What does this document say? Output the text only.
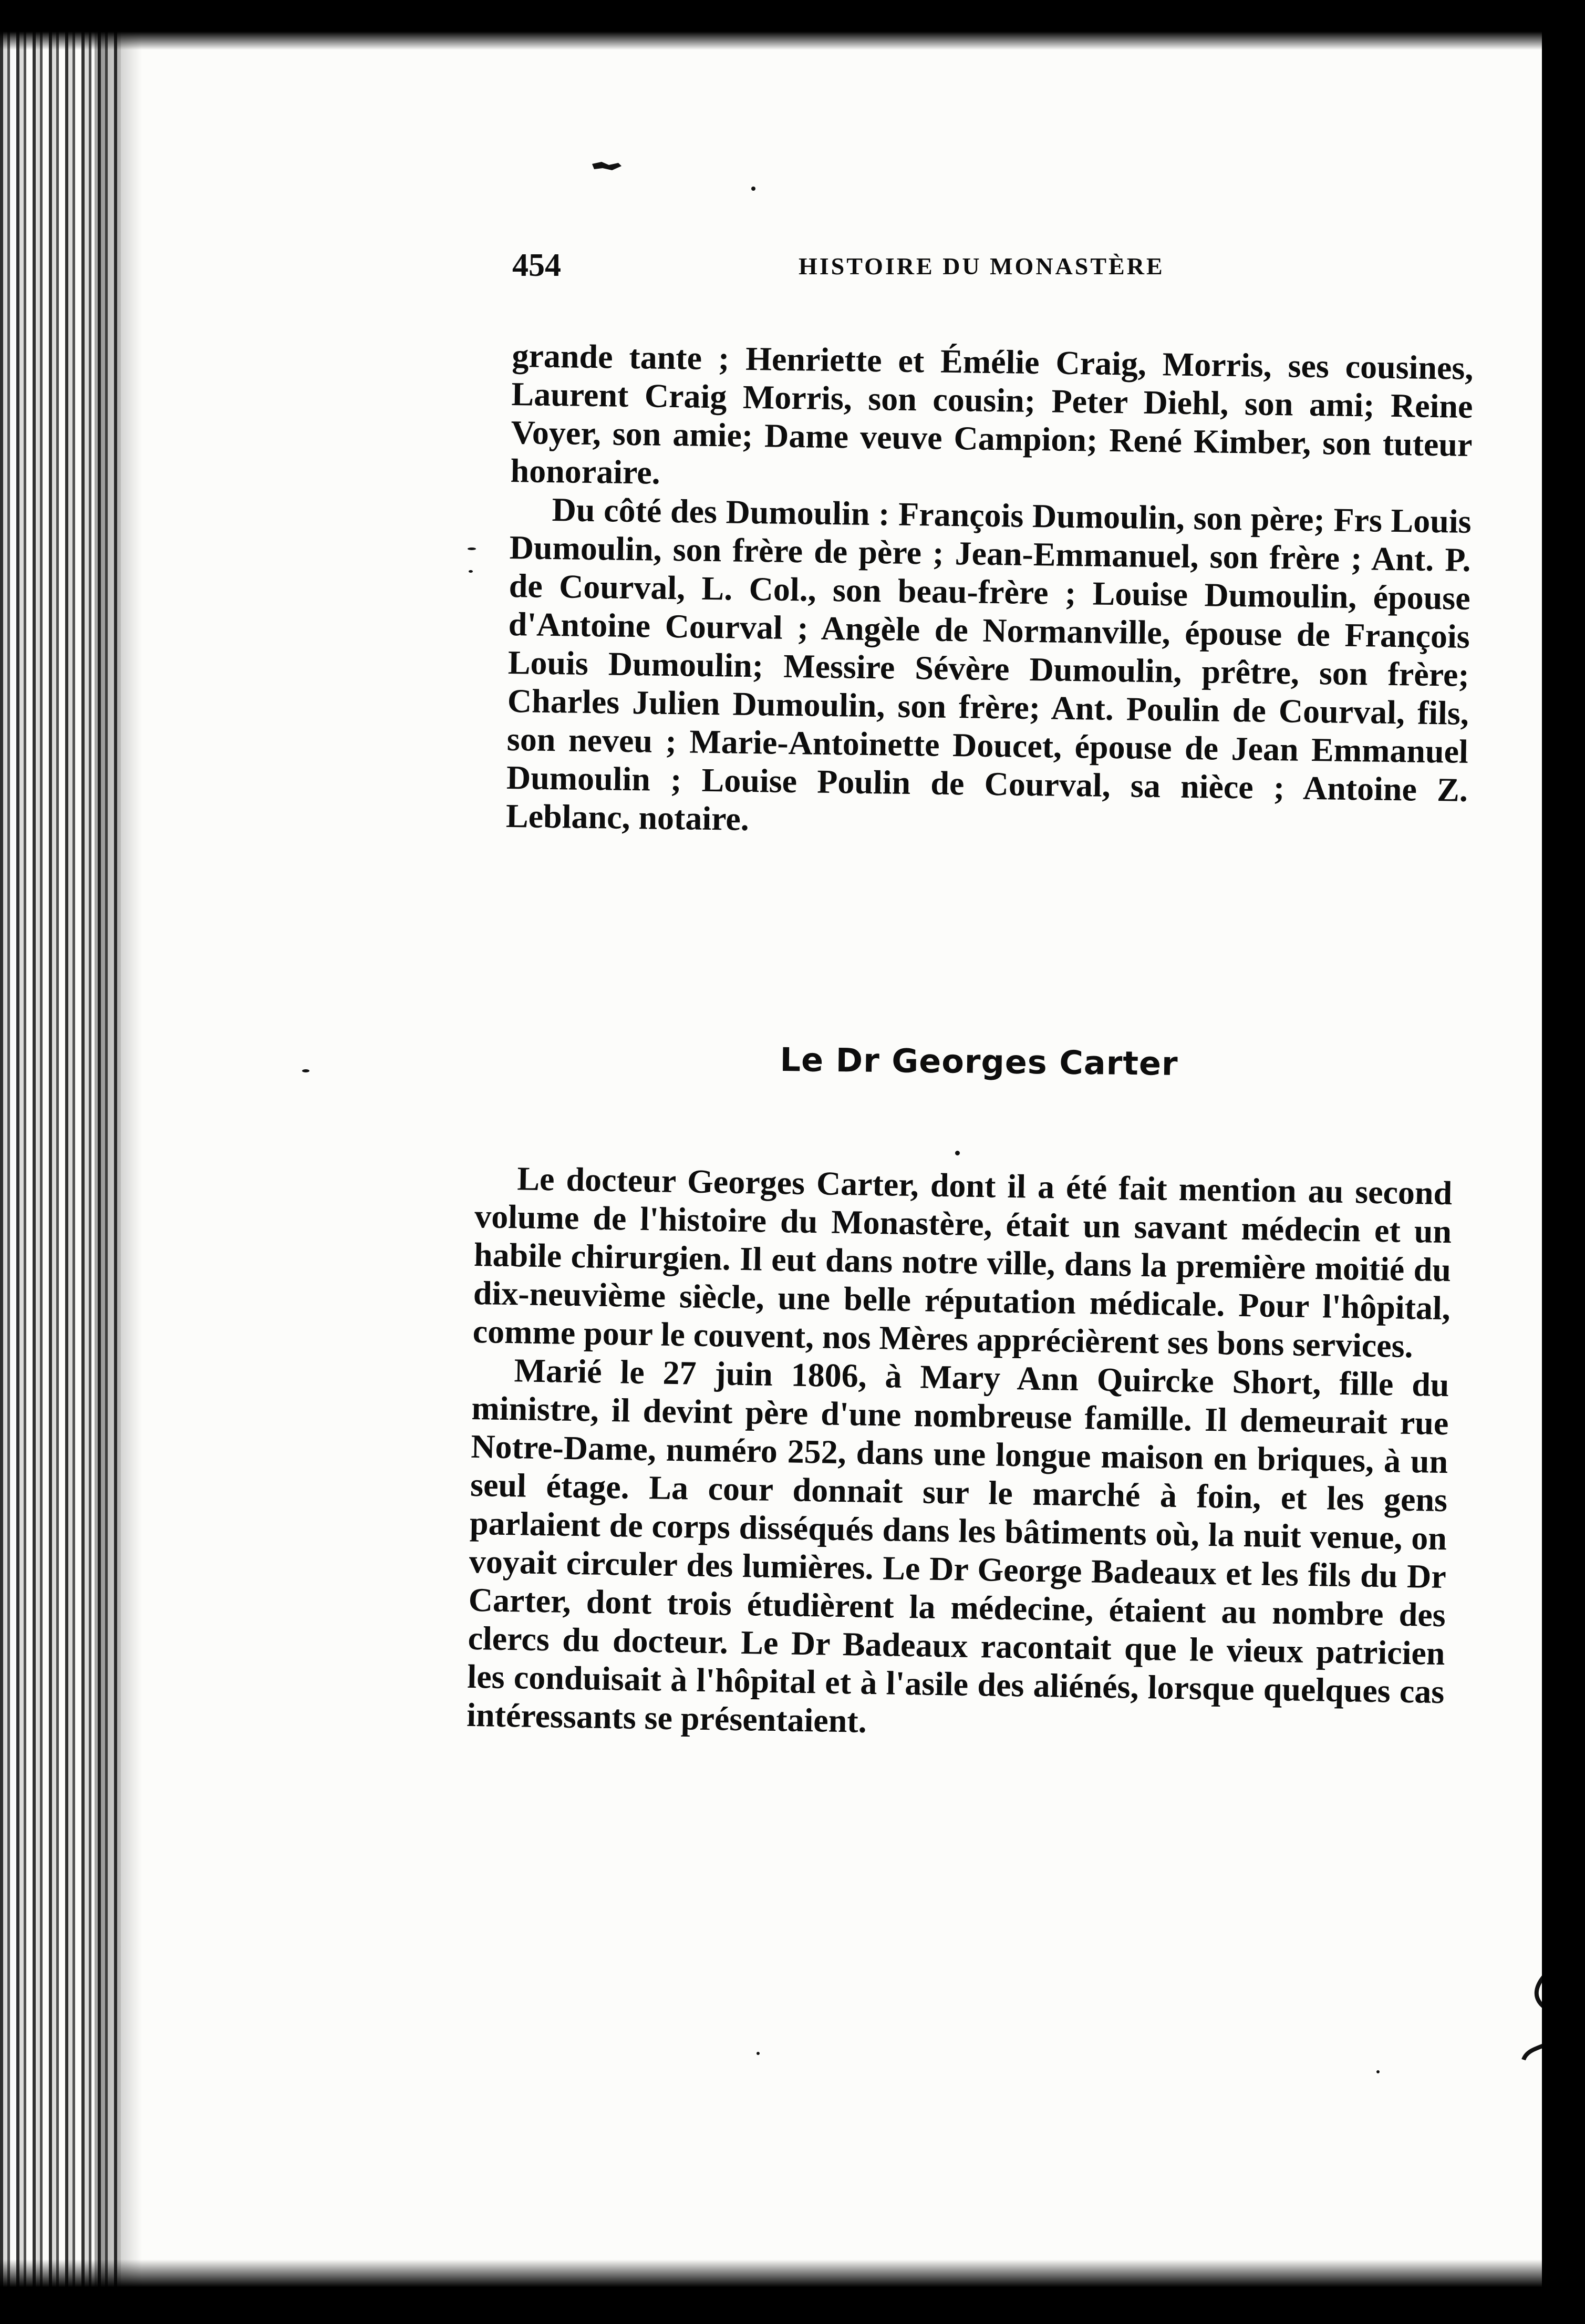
454	HISTOIRE DU MONASTÈRE

grande tante ; Henriette et Émélie Craig, Morris, ses cousines, Laurent Craig Morris, son cousin; Peter Diehl, son ami; Reine Voyer, son amie; Dame veuve Campion; René Kimber, son tuteur honoraire.

Du côté des Dumoulin : François Dumoulin, son père; Frs Louis Dumoulin, son frère de père ; Jean-Emmanuel, son frère ; Ant. P. de Courval, L. Col., son beau-frère ; Louise Dumoulin, épouse d'Antoine Courval ; Angèle de Normanville, épouse de François Louis Dumoulin; Messire Sévère Dumoulin, prêtre, son frère; Charles Julien Dumoulin, son frère; Ant. Poulin de Courval, fils, son neveu ; Marie-Antoinette Doucet, épouse de Jean Emmanuel Dumoulin ; Louise Poulin de Courval, sa nièce ; Antoine Z. Leblanc, notaire.

Le Dr Georges Carter

Le docteur Georges Carter, dont il a été fait mention au second volume de l'histoire du Monastère, était un savant médecin et un habile chirurgien. Il eut dans notre ville, dans la première moitié du dix-neuvième siècle, une belle réputation médicale. Pour l'hôpital, comme pour le couvent, nos Mères apprécièrent ses bons services.

Marié le 27 juin 1806, à Mary Ann Quircke Short, fille du ministre, il devint père d'une nombreuse famille. Il demeurait rue Notre-Dame, numéro 252, dans une longue maison en briques, à un seul étage. La cour donnait sur le marché à foin, et les gens parlaient de corps disséqués dans les bâtiments où, la nuit venue, on voyait circuler des lumières. Le Dr George Badeaux et les fils du Dr Carter, dont trois étudièrent la médecine, étaient au nombre des clercs du docteur. Le Dr Badeaux racontait que le vieux patricien les conduisait à l'hôpital et à l'asile des aliénés, lorsque quelques cas intéressants se présentaient.
